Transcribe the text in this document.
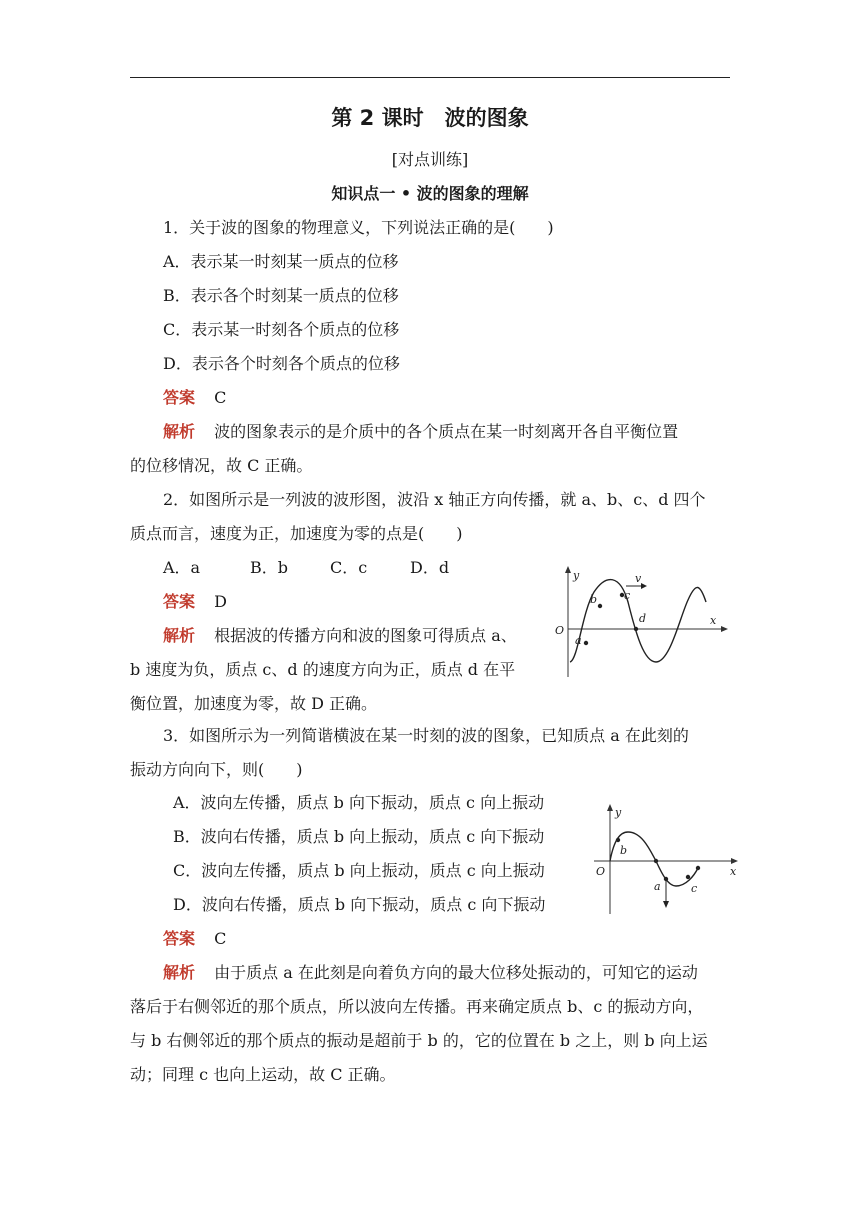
第 2 课时　波的图象
[对点训练]
知识点一 • 波的图象的理解
1．关于波的图象的物理意义，下列说法正确的是(　　)
A．表示某一时刻某一质点的位移
B．表示各个时刻某一质点的位移
C．表示某一时刻各个质点的位移
D．表示各个时刻各个质点的位移
答案 C
解析 波的图象表示的是介质中的各个质点在某一时刻离开各自平衡位置
的位移情况，故 C 正确。
2．如图所示是一列波的波形图，波沿 x 轴正方向传播，就 a、b、c、d 四个
质点而言，速度为正，加速度为零的点是(　　)
A．a	B．b	C．c	D．d
答案 D
解析 根据波的传播方向和波的图象可得质点 a、
b 速度为负，质点 c、d 的速度方向为正，质点 d 在平
衡位置，加速度为零，故 D 正确。
y
x
O
v
a
b c
d
3．如图所示为一列简谐横波在某一时刻的波的图象，已知质点 a 在此刻的
振动方向向下，则(　　)
A．波向左传播，质点 b 向下振动，质点 c 向上振动
B．波向右传播，质点 b 向上振动，质点 c 向下振动
C．波向左传播，质点 b 向上振动，质点 c 向上振动
D．波向右传播，质点 b 向下振动，质点 c 向下振动
y
x
O
a
b
c
答案 C
解析 由于质点 a 在此刻是向着负方向的最大位移处振动的，可知它的运动
落后于右侧邻近的那个质点，所以波向左传播。再来确定质点 b、c 的振动方向，
与 b 右侧邻近的那个质点的振动是超前于 b 的，它的位置在 b 之上，则 b 向上运
动；同理 c 也向上运动，故 C 正确。
